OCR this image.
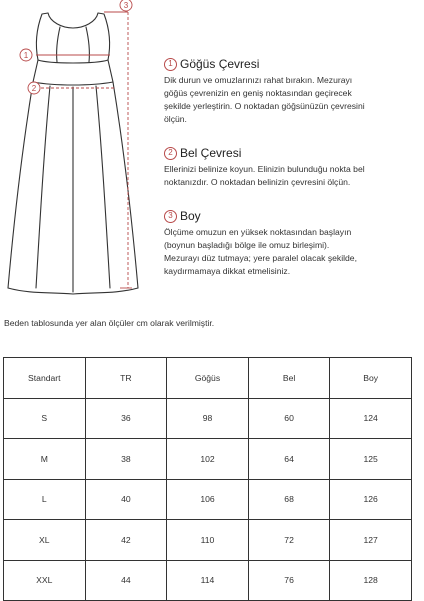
1
2
3
1 Göğüs Çevresi
Dik durun ve omuzlarınızı rahat bırakın. Mezurayı
göğüs çevrenizin en geniş noktasından geçirecek
şekilde yerleştirin. O noktadan göğsünüzün çevresini
ölçün.
2 Bel Çevresi
Ellerinizi belinize koyun. Elinizin bulunduğu nokta bel
noktanızdır. O noktadan belinizin çevresini ölçün.
3 Boy
Ölçüme omuzun en yüksek noktasından başlayın
(boynun başladığı bölge ile omuz birleşimi).
Mezurayı düz tutmaya; yere paralel olacak şekilde,
kaydırmamaya dikkat etmelisiniz.
Beden tablosunda yer alan ölçüler cm olarak verilmiştir.
Standart	TR	Göğüs	Bel	Boy
S	36	98	60	124
M	38	102	64	125
L	40	106	68	126
XL	42	110	72	127
XXL	44	114	76	128
